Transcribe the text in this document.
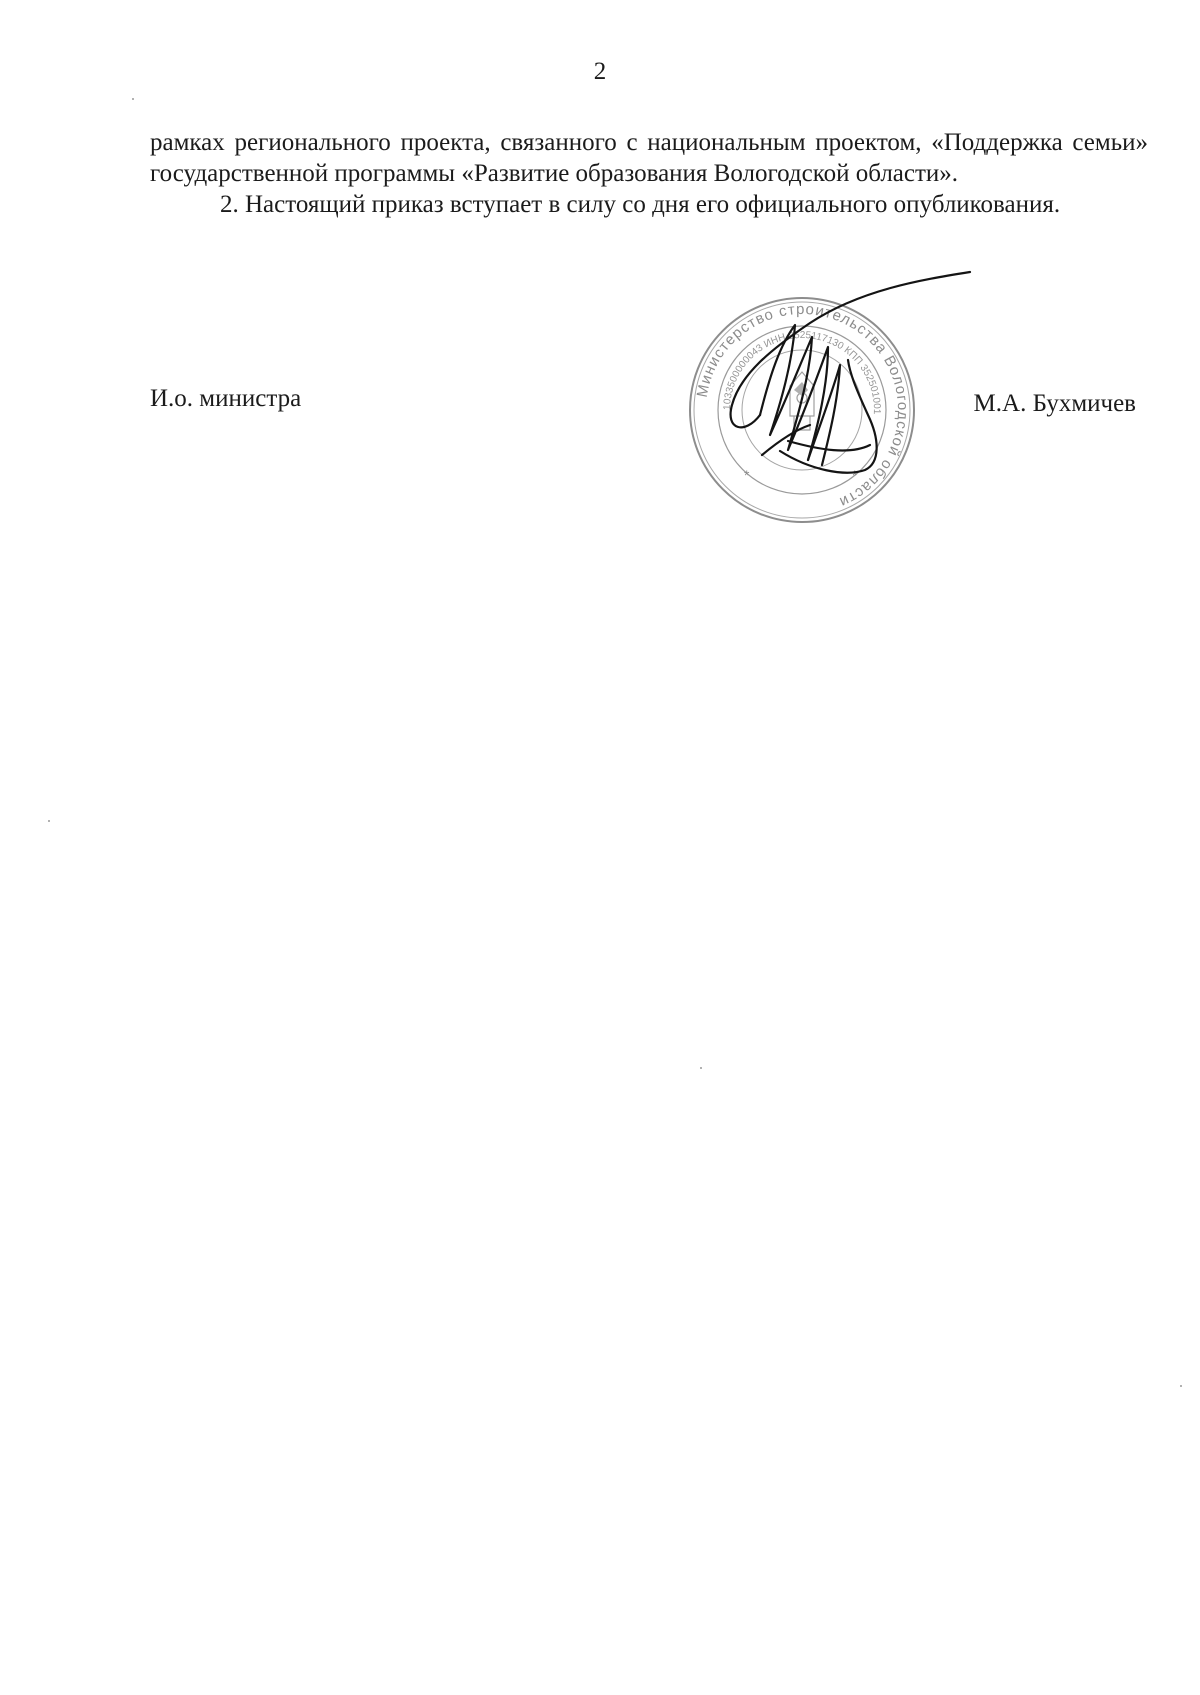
2

рамках регионального проекта, связанного с национальным проектом, «Поддержка семьи» государственной программы «Развитие образования Вологодской области».

2. Настоящий приказ вступает в силу со дня его официального опубликования.

И.о. министра	М.А. Бухмичев
Министерство строительства Вологодской области
1033500000043 ИНН 3525117130 КПП 352501001
*	*
